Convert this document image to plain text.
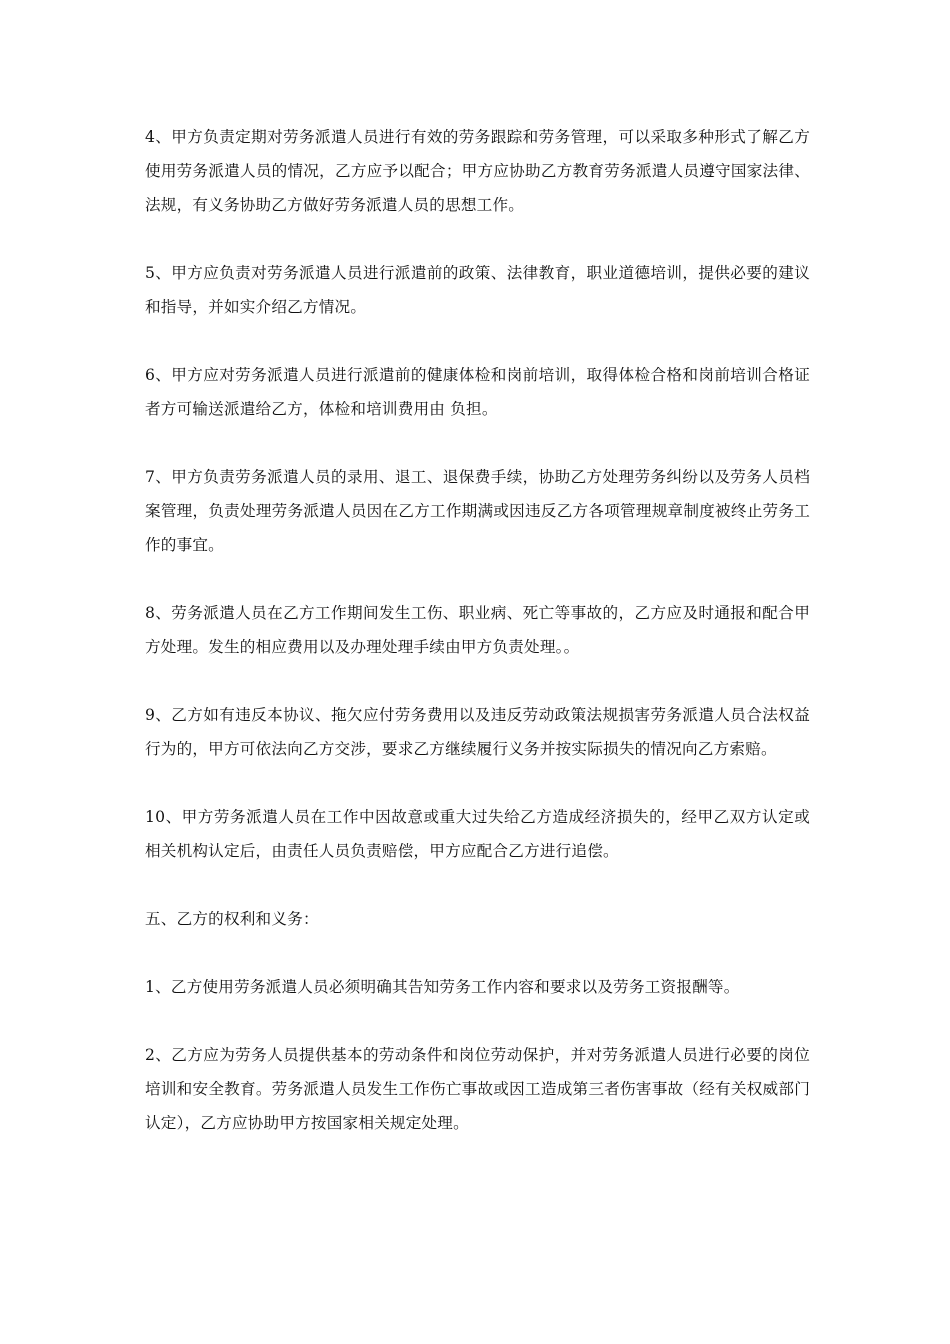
4、甲方负责定期对劳务派遣人员进行有效的劳务跟踪和劳务管理，可以采取多种形式了解乙方使用劳务派遣人员的情况，乙方应予以配合；甲方应协助乙方教育劳务派遣人员遵守国家法律、法规，有义务协助乙方做好劳务派遣人员的思想工作。

5、甲方应负责对劳务派遣人员进行派遣前的政策、法律教育，职业道德培训，提供必要的建议和指导，并如实介绍乙方情况。

6、甲方应对劳务派遣人员进行派遣前的健康体检和岗前培训，取得体检合格和岗前培训合格证者方可输送派遣给乙方，体检和培训费用由 负担。

7、甲方负责劳务派遣人员的录用、退工、退保费手续，协助乙方处理劳务纠纷以及劳务人员档案管理，负责处理劳务派遣人员因在乙方工作期满或因违反乙方各项管理规章制度被终止劳务工作的事宜。

8、劳务派遣人员在乙方工作期间发生工伤、职业病、死亡等事故的，乙方应及时通报和配合甲方处理。发生的相应费用以及办理处理手续由甲方负责处理。。

9、乙方如有违反本协议、拖欠应付劳务费用以及违反劳动政策法规损害劳务派遣人员合法权益行为的，甲方可依法向乙方交涉，要求乙方继续履行义务并按实际损失的情况向乙方索赔。

10、甲方劳务派遣人员在工作中因故意或重大过失给乙方造成经济损失的，经甲乙双方认定或相关机构认定后，由责任人员负责赔偿，甲方应配合乙方进行追偿。

五、乙方的权利和义务：

1、乙方使用劳务派遣人员必须明确其告知劳务工作内容和要求以及劳务工资报酬等。

2、乙方应为劳务人员提供基本的劳动条件和岗位劳动保护，并对劳务派遣人员进行必要的岗位培训和安全教育。劳务派遣人员发生工作伤亡事故或因工造成第三者伤害事故（经有关权威部门认定），乙方应协助甲方按国家相关规定处理。
